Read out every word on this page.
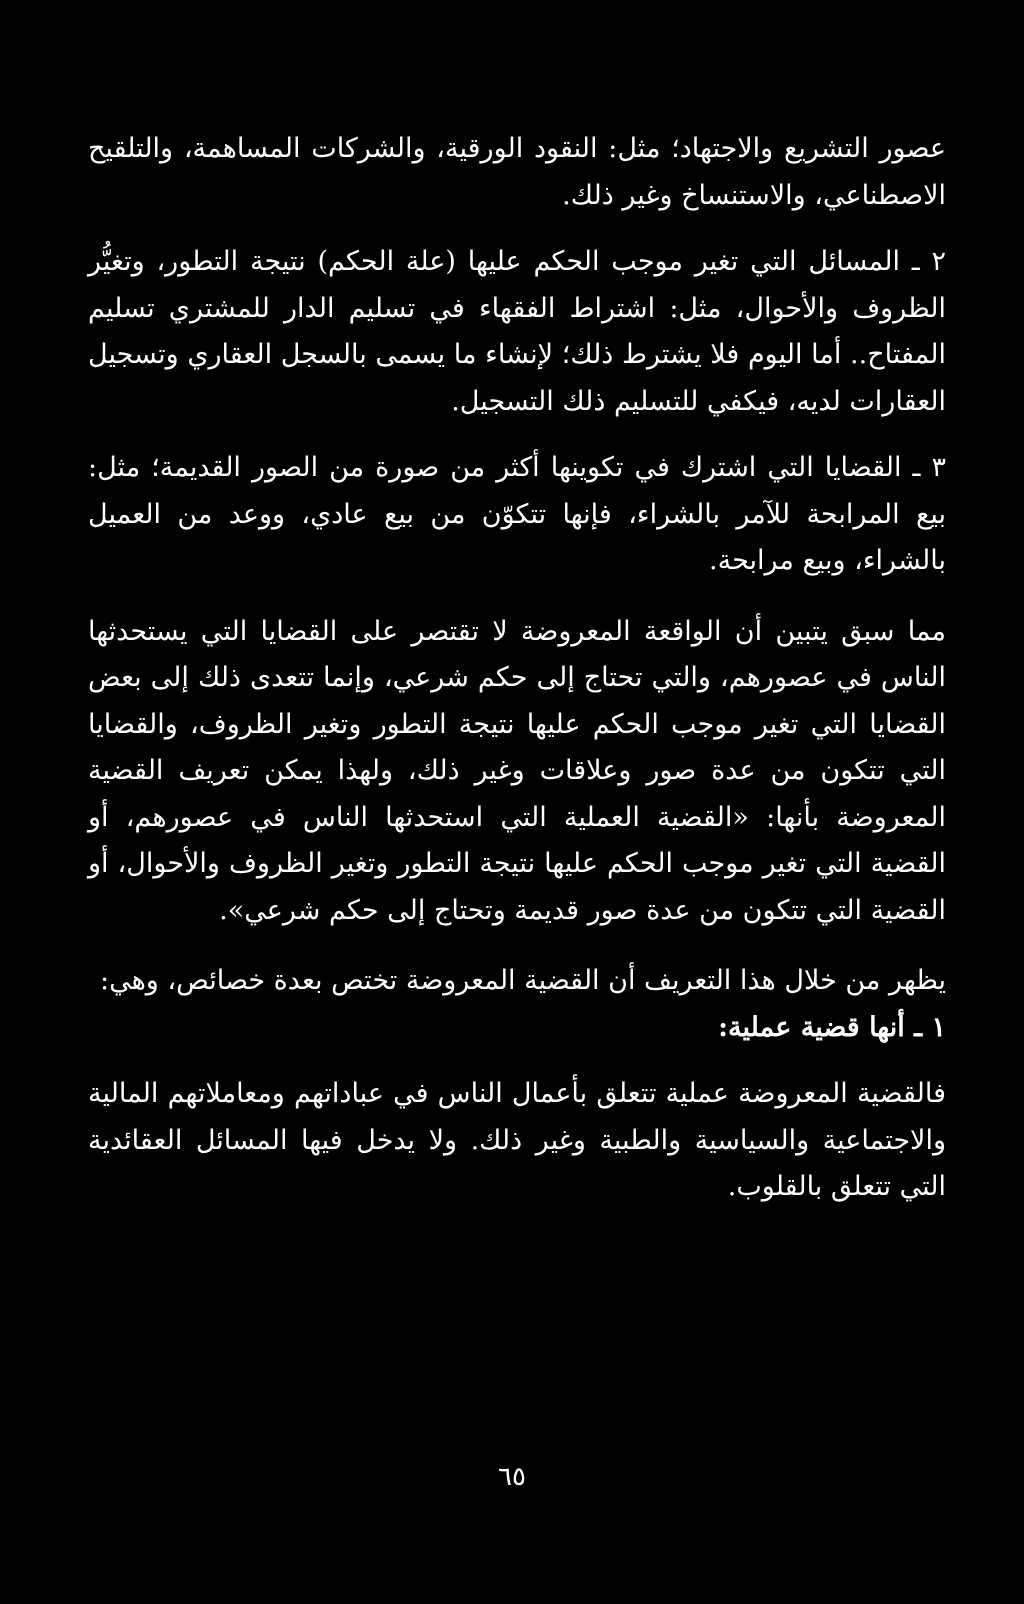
عصور التشريع والاجتهاد؛ مثل: النقود الورقية، والشركات المساهمة، والتلقيح الاصطناعي، والاستنساخ وغير ذلك.

٢ ـ المسائل التي تغير موجب الحكم عليها (علة الحكم) نتيجة التطور، وتغيُّر الظروف والأحوال، مثل: اشتراط الفقهاء في تسليم الدار للمشتري تسليم المفتاح.. أما اليوم فلا يشترط ذلك؛ لإنشاء ما يسمى بالسجل العقاري وتسجيل العقارات لديه، فيكفي للتسليم ذلك التسجيل.

٣ ـ القضايا التي اشترك في تكوينها أكثر من صورة من الصور القديمة؛ مثل: بيع المرابحة للآمر بالشراء، فإنها تتكوّن من بيع عادي، ووعد من العميل بالشراء، وبيع مرابحة.

مما سبق يتبين أن الواقعة المعروضة لا تقتصر على القضايا التي يستحدثها الناس في عصورهم، والتي تحتاج إلى حكم شرعي، وإنما تتعدى ذلك إلى بعض القضايا التي تغير موجب الحكم عليها نتيجة التطور وتغير الظروف، والقضايا التي تتكون من عدة صور وعلاقات وغير ذلك، ولهذا يمكن تعريف القضية المعروضة بأنها: «القضية العملية التي استحدثها الناس في عصورهم، أو القضية التي تغير موجب الحكم عليها نتيجة التطور وتغير الظروف والأحوال، أو القضية التي تتكون من عدة صور قديمة وتحتاج إلى حكم شرعي».

يظهر من خلال هذا التعريف أن القضية المعروضة تختص بعدة خصائص، وهي:

١ ـ أنها قضية عملية:

فالقضية المعروضة عملية تتعلق بأعمال الناس في عباداتهم ومعاملاتهم المالية والاجتماعية والسياسية والطبية وغير ذلك. ولا يدخل فيها المسائل العقائدية التي تتعلق بالقلوب.

٦٥
